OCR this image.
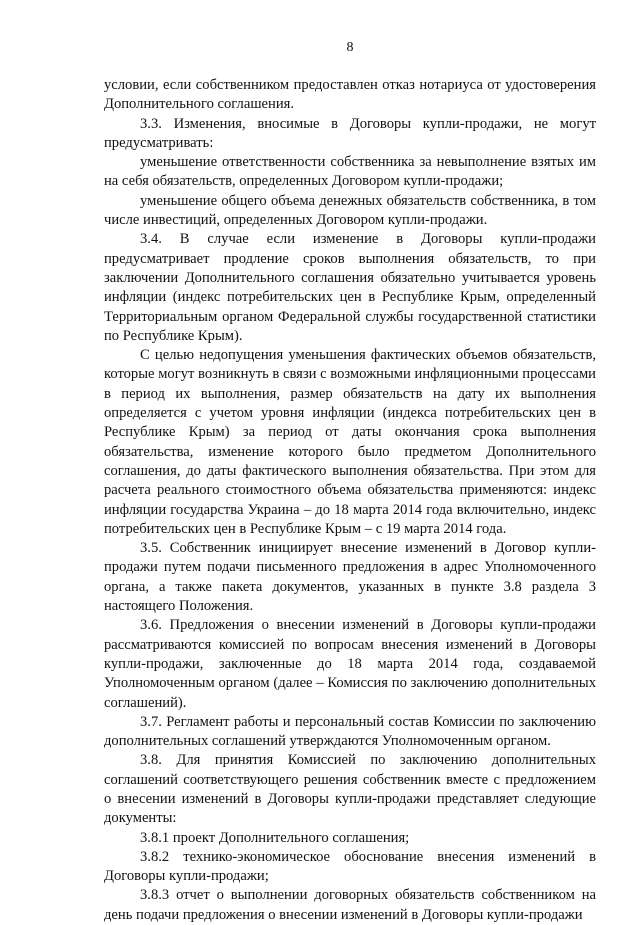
8

условии, если собственником предоставлен отказ нотариуса от удостоверения Дополнительного соглашения.

3.3. Изменения, вносимые в Договоры купли-продажи, не могут предусматривать:

уменьшение ответственности собственника за невыполнение взятых им на себя обязательств, определенных Договором купли-продажи;

уменьшение общего объема денежных обязательств собственника, в том числе инвестиций, определенных Договором купли-продажи.

3.4. В случае если изменение в Договоры купли-продажи предусматривает продление сроков выполнения обязательств, то при заключении Дополнительного соглашения обязательно учитывается уровень инфляции (индекс потребительских цен в Республике Крым, определенный Территориальным органом Федеральной службы государственной статистики по Республике Крым).

С целью недопущения уменьшения фактических объемов обязательств, которые могут возникнуть в связи с возможными инфляционными процессами в период их выполнения, размер обязательств на дату их выполнения определяется с учетом уровня инфляции (индекса потребительских цен в Республике Крым) за период от даты окончания срока выполнения обязательства, изменение которого было предметом Дополнительного соглашения, до даты фактического выполнения обязательства. При этом для расчета реального стоимостного объема обязательства применяются: индекс инфляции государства Украина – до 18 марта 2014 года включительно, индекс потребительских цен в Республике Крым – с 19 марта 2014 года.

3.5. Собственник инициирует внесение изменений в Договор купли-продажи путем подачи письменного предложения в адрес Уполномоченного органа, а также пакета документов, указанных в пункте 3.8 раздела 3 настоящего Положения.

3.6. Предложения о внесении изменений в Договоры купли-продажи рассматриваются комиссией по вопросам внесения изменений в Договоры купли-продажи, заключенные до 18 марта 2014 года, создаваемой Уполномоченным органом (далее – Комиссия по заключению дополнительных соглашений).

3.7. Регламент работы и персональный состав Комиссии по заключению дополнительных соглашений утверждаются Уполномоченным органом.

3.8. Для принятия Комиссией по заключению дополнительных соглашений соответствующего решения собственник вместе с предложением о внесении изменений в Договоры купли-продажи представляет следующие документы:

3.8.1 проект Дополнительного соглашения;

3.8.2 технико-экономическое обоснование внесения изменений в Договоры купли-продажи;

3.8.3 отчет о выполнении договорных обязательств собственником на день подачи предложения о внесении изменений в Договоры купли-продажи
